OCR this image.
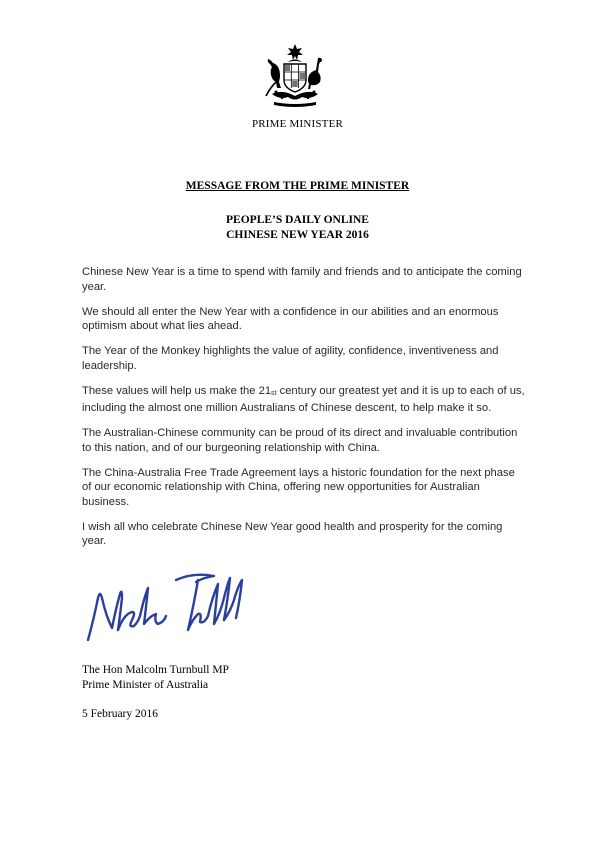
PRIME MINISTER
MESSAGE FROM THE PRIME MINISTER
PEOPLE’S DAILY ONLINE
CHINESE NEW YEAR 2016

Chinese New Year is a time to spend with family and friends and to anticipate the coming year.

We should all enter the New Year with a confidence in our abilities and an enormous optimism about what lies ahead.

The Year of the Monkey highlights the value of agility, confidence, inventiveness and leadership.

These values will help us make the $21_{st}$ century our greatest yet and it is up to each of us, including the almost one million Australians of Chinese descent, to help make it so.

The Australian-Chinese community can be proud of its direct and invaluable contribution to this nation, and of our burgeoning relationship with China.

The China-Australia Free Trade Agreement lays a historic foundation for the next phase of our economic relationship with China, offering new opportunities for Australian business.

I wish all who celebrate Chinese New Year good health and prosperity for the coming year.

The Hon Malcolm Turnbull MP
Prime Minister of Australia
5 February 2016
